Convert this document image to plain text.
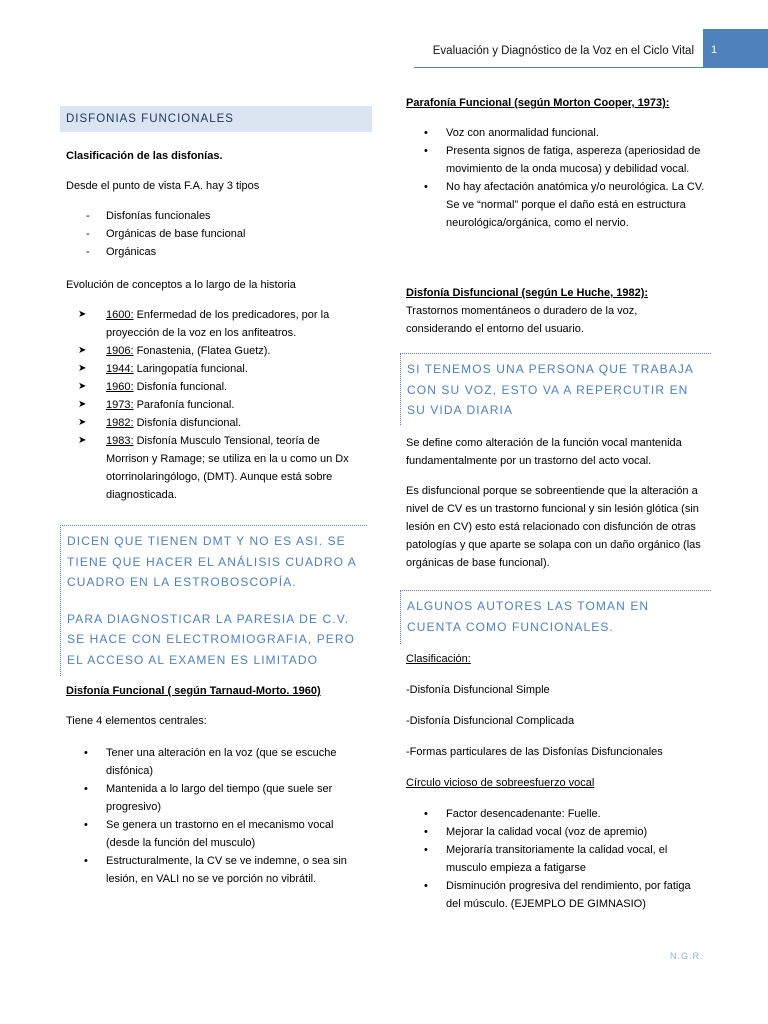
Evaluación y Diagnóstico de la Voz en el Ciclo Vital 1
DISFONIAS FUNCIONALES

Clasificación de las disfonías.

Desde el punto de vista F.A. hay 3 tipos

- Disfonías funcionales
- Orgánicas de base funcional
- Orgánicas

Evolución de conceptos a lo largo de la historia

➤ 1600: Enfermedad de los predicadores, por la proyección de la voz en los anfiteatros.
➤ 1906: Fonastenia, (Flatea Guetz).
➤ 1944: Laringopatía funcional.
➤ 1960: Disfonía funcional.
➤ 1973: Parafonía funcional.
➤ 1982: Disfonía disfuncional.
➤ 1983: Disfonía Musculo Tensional, teoría de Morrison y Ramage; se utiliza en la u como un Dx otorrinolaringólogo, (DMT). Aunque está sobre diagnosticada.

DICEN QUE TIENEN DMT Y NO ES ASI. SE TIENE QUE HACER EL ANÁLISIS CUADRO A CUADRO EN LA ESTROBOSCOPÍA.

PARA DIAGNOSTICAR LA PARESIA DE C.V. SE HACE CON ELECTROMIOGRAFIA, PERO EL ACCESO AL EXAMEN ES LIMITADO

Disfonía Funcional ( según Tarnaud-Morto. 1960)

Tiene 4 elementos centrales:

• Tener una alteración en la voz (que se escuche disfónica)
• Mantenida a lo largo del tiempo (que suele ser progresivo)
• Se genera un trastorno en el mecanismo vocal (desde la función del musculo)
• Estructuralmente, la CV se ve indemne, o sea sin lesión, en VALI no se ve porción no vibrátil.

Parafonía Funcional (según Morton Cooper, 1973):

• Voz con anormalidad funcional.
• Presenta signos de fatiga, aspereza (aperiosidad de movimiento de la onda mucosa) y debilidad vocal.
• No hay afectación anatómica y/o neurológica. La CV. Se ve “normal” porque el daño está en estructura neurológica/orgánica, como el nervio.

Disfonía Disfuncional (según Le Huche, 1982):

Trastornos momentáneos o duradero de la voz, considerando el entorno del usuario.

SI TENEMOS UNA PERSONA QUE TRABAJA CON SU VOZ, ESTO VA A REPERCUTIR EN SU VIDA DIARIA

Se define como alteración de la función vocal mantenida fundamentalmente por un trastorno del acto vocal.

Es disfuncional porque se sobreentiende que la alteración a nivel de CV es un trastorno funcional y sin lesión glótica (sin lesión en CV) esto está relacionado con disfunción de otras patologías y que aparte se solapa con un daño orgánico (las orgánicas de base funcional).

ALGUNOS AUTORES LAS TOMAN EN CUENTA COMO FUNCIONALES.

Clasificación:

-Disfonía Disfuncional Simple

-Disfonía Disfuncional Complicada

-Formas particulares de las Disfonías Disfuncionales

Círculo vicioso de sobreesfuerzo vocal

• Factor desencadenante: Fuelle.
• Mejorar la calidad vocal (voz de apremio)
• Mejoraría transitoriamente la calidad vocal, el musculo empieza a fatigarse
• Disminución progresiva del rendimiento, por fatiga del músculo. (EJEMPLO DE GIMNASIO)
N.G.R.
